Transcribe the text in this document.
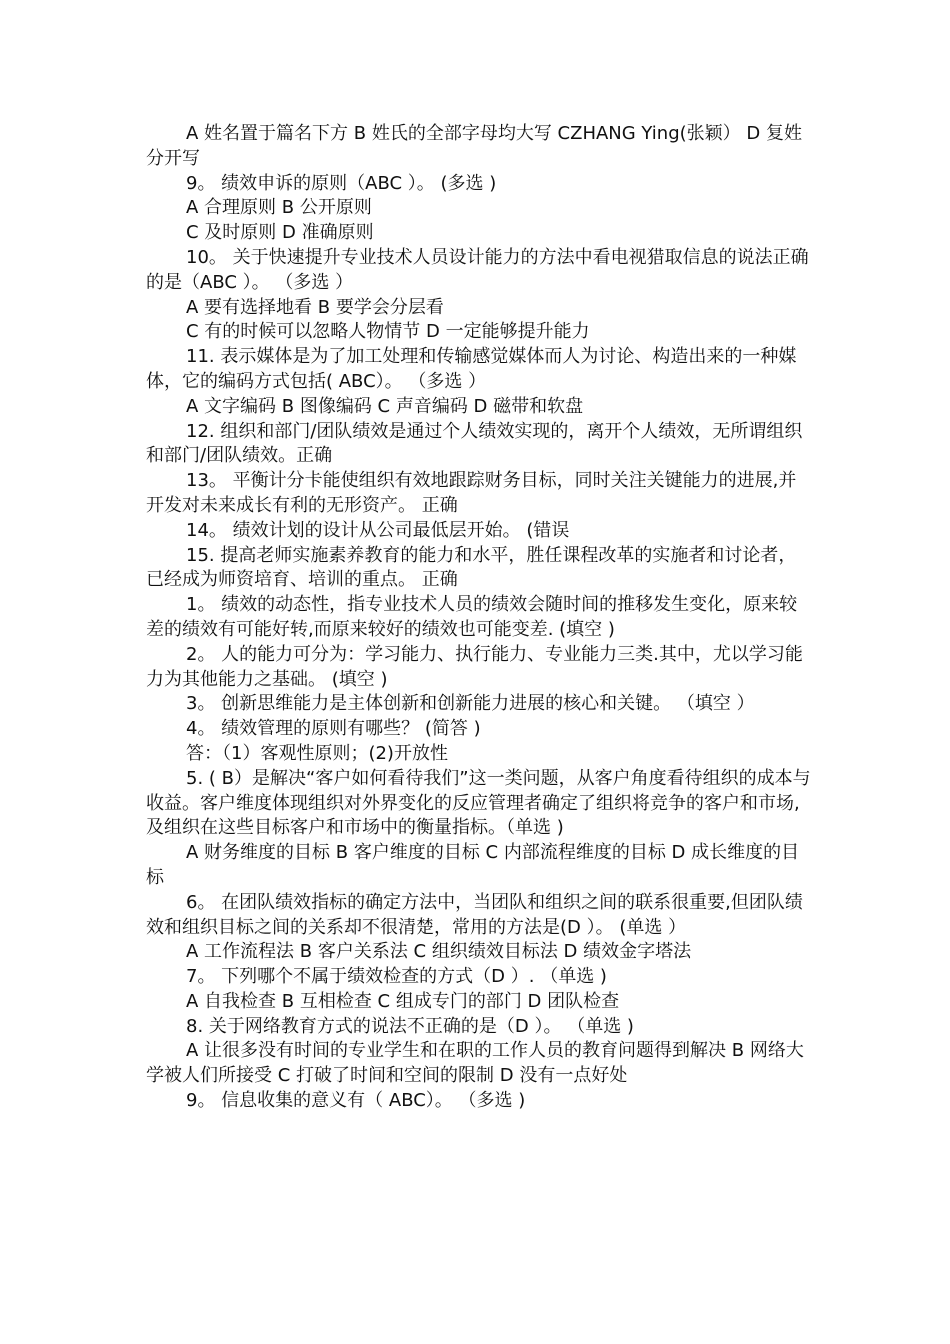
A 姓名置于篇名下方 B 姓氏的全部字母均大写 CZHANG Ying(张颖） D 复姓分开写

9。 绩效申诉的原则（ABC ）。 (多选 )

A 合理原则 B 公开原则

C 及时原则 D 准确原则

10。 关于快速提升专业技术人员设计能力的方法中看电视猎取信息的说法正确的是（ABC ）。 （多选 ）

A 要有选择地看 B 要学会分层看

C 有的时候可以忽略人物情节 D 一定能够提升能力

11. 表示媒体是为了加工处理和传输感觉媒体而人为讨论、构造出来的一种媒体，它的编码方式包括( ABC）。 （多选 ）

A 文字编码 B 图像编码 C 声音编码 D 磁带和软盘

12. 组织和部门/团队绩效是通过个人绩效实现的，离开个人绩效，无所谓组织和部门/团队绩效。正确

13。 平衡计分卡能使组织有效地跟踪财务目标，同时关注关键能力的进展,并开发对未来成长有利的无形资产。 正确

14。 绩效计划的设计从公司最低层开始。 (错误

15. 提高老师实施素养教育的能力和水平，胜任课程改革的实施者和讨论者，已经成为师资培育、培训的重点。 正确

1。 绩效的动态性，指专业技术人员的绩效会随时间的推移发生变化，原来较差的绩效有可能好转,而原来较好的绩效也可能变差. (填空 )

2。 人的能力可分为：学习能力、执行能力、专业能力三类.其中，尤以学习能力为其他能力之基础。 (填空 )

3。 创新思维能力是主体创新和创新能力进展的核心和关键。 （填空 ）

4。 绩效管理的原则有哪些？ (简答 )

答：（1）客观性原则；(2)开放性

5. ( B）是解决“客户如何看待我们”这一类问题，从客户角度看待组织的成本与收益。客户维度体现组织对外界变化的反应管理者确定了组织将竞争的客户和市场,及组织在这些目标客户和市场中的衡量指标。（单选 )

A 财务维度的目标 B 客户维度的目标 C 内部流程维度的目标 D 成长维度的目标

6。 在团队绩效指标的确定方法中，当团队和组织之间的联系很重要,但团队绩效和组织目标之间的关系却不很清楚，常用的方法是(D ）。 (单选 ）

A 工作流程法 B 客户关系法 C 组织绩效目标法 D 绩效金字塔法

7。 下列哪个不属于绩效检查的方式（D ）. （单选 )

A 自我检查 B 互相检查 C 组成专门的部门 D 团队检查

8. 关于网络教育方式的说法不正确的是（D ）。 （单选 )

A 让很多没有时间的专业学生和在职的工作人员的教育问题得到解决 B 网络大学被人们所接受 C 打破了时间和空间的限制 D 没有一点好处

9。 信息收集的意义有（ ABC）。 （多选 )
